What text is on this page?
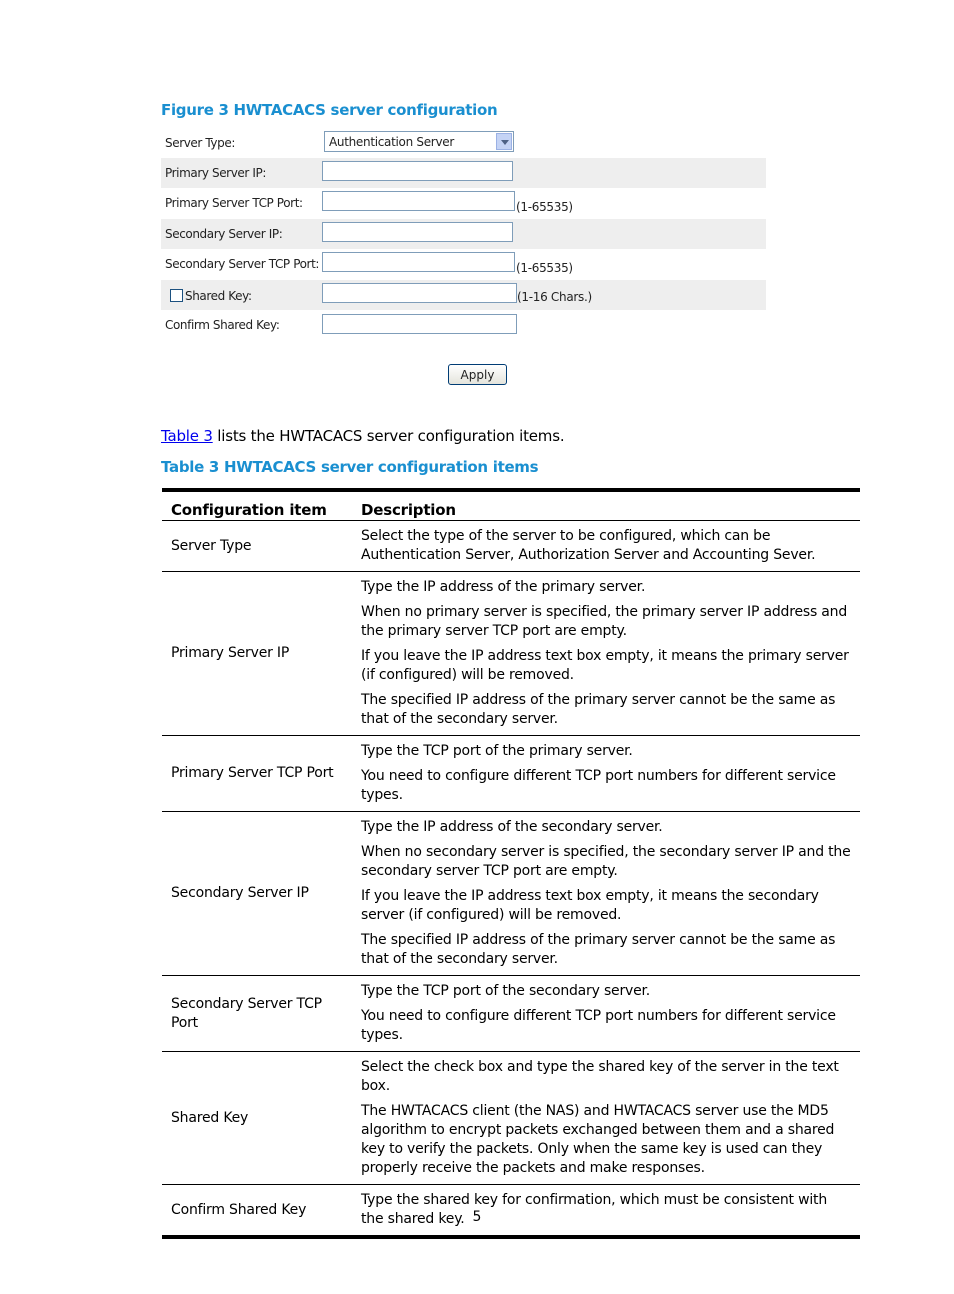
Figure 3 HWTACACS server configuration
Server Type:	Authentication Server
Primary Server IP:
Primary Server TCP Port:	(1-65535)
Secondary Server IP:
Secondary Server TCP Port:	(1-65535)
Shared Key:	(1-16 Chars.)
Confirm Shared Key:
Apply
Table 3 lists the HWTACACS server configuration items.
Table 3 HWTACACS server configuration items
Configuration item	Description
Server Type	Select the type of the server to be configured, which can be Authentication Server, Authorization Server and Accounting Sever.

Primary Server IP	Type the IP address of the primary server.

When no primary server is specified, the primary server IP address and the primary server TCP port are empty.

If you leave the IP address text box empty, it means the primary server (if configured) will be removed.

The specified IP address of the primary server cannot be the same as that of the secondary server.

Primary Server TCP Port	Type the TCP port of the primary server.

You need to configure different TCP port numbers for different service types.

Secondary Server IP	Type the IP address of the secondary server.

When no secondary server is specified, the secondary server IP and the secondary server TCP port are empty.

If you leave the IP address text box empty, it means the secondary server (if configured) will be removed.

The specified IP address of the primary server cannot be the same as that of the secondary server.

Secondary Server TCP Port	Type the TCP port of the secondary server.

You need to configure different TCP port numbers for different service types.

Shared Key	Select the check box and type the shared key of the server in the text box.

The HWTACACS client (the NAS) and HWTACACS server use the MD5 algorithm to encrypt packets exchanged between them and a shared key to verify the packets. Only when the same key is used can they properly receive the packets and make responses.

Confirm Shared Key	Type the shared key for confirmation, which must be consistent with the shared key. 5
